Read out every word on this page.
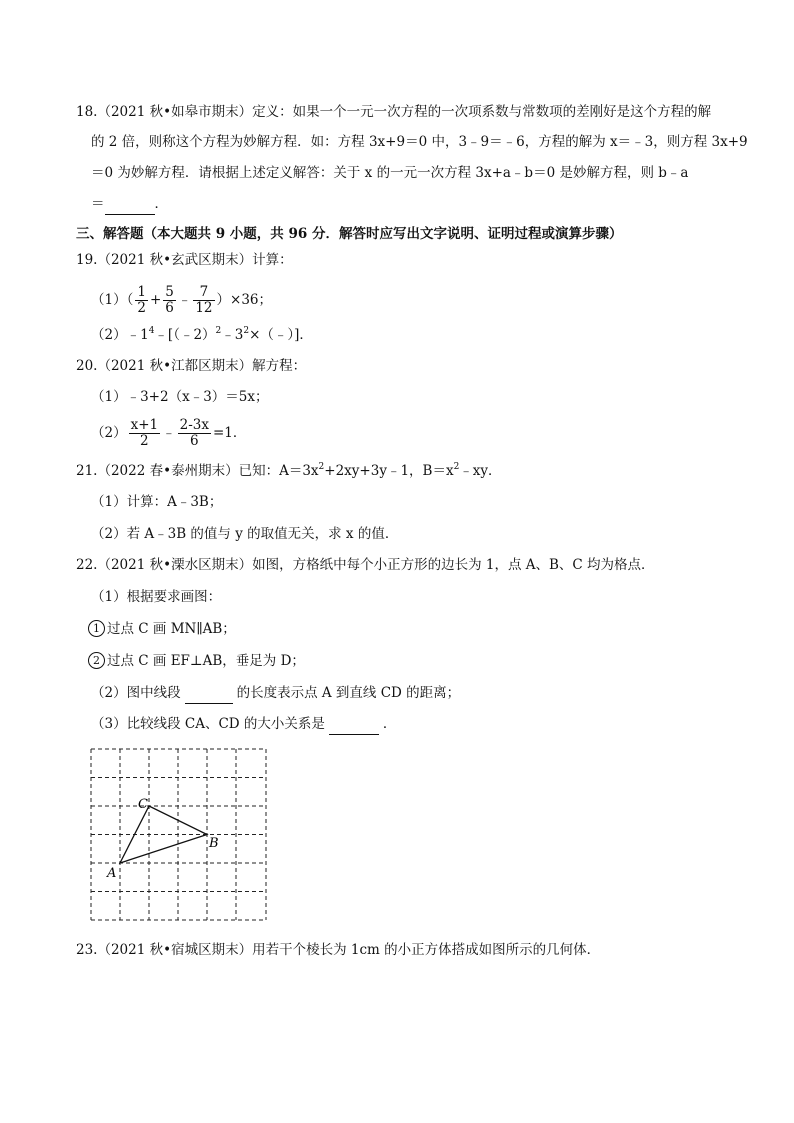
18.（2021 秋•如皋市期末）定义：如果一个一元一次方程的一次项系数与常数项的差刚好是这个方程的解
的 2 倍，则称这个方程为妙解方程．如：方程 3x+9＝0 中，3﹣9＝﹣6，方程的解为 x＝﹣3，则方程 3x+9
＝0 为妙解方程．请根据上述定义解答：关于 x 的一元一次方程 3x+a﹣b＝0 是妙解方程，则 b﹣a
＝	．
三、解答题（本大题共 9 小题，共 96 分．解答时应写出文字说明、证明过程或演算步骤）
19.（2021 秋•玄武区期末）计算：
$(1)( \frac{1}{2} + \frac{5}{6}$ ﹣ $\frac{7}{12} )\times 36$；
$(2)﹣1^4﹣[(﹣2)^2﹣3^2\times(﹣)]$．
20.（2021 秋•江都区期末）解方程：
（1）﹣3+2（x﹣3）＝5x；
$(2) \frac{x+1}{2}$ ﹣ $\frac{2-3x}{6} =1$．
21.（2022 春•泰州期末）已知：$A=3x^2+2xy+3y﹣1$，$B=x^2﹣xy$．
（1）计算：A﹣3B；
（2）若 A﹣3B 的值与 y 的取值无关，求 x 的值．
22.（2021 秋•溧水区期末）如图，方格纸中每个小正方形的边长为 1，点 A、B、C 均为格点．
（1）根据要求画图：
1 过点 C 画 MN∥AB；
2 过点 C 画 EF⊥AB，垂足为 D；
（2）图中线段	的长度表示点 A 到直线 CD 的距离；
（3）比较线段 CA、CD 的大小关系是	．
A
C
B
23.（2021 秋•宿城区期末）用若干个棱长为 1cm 的小正方体搭成如图所示的几何体．
